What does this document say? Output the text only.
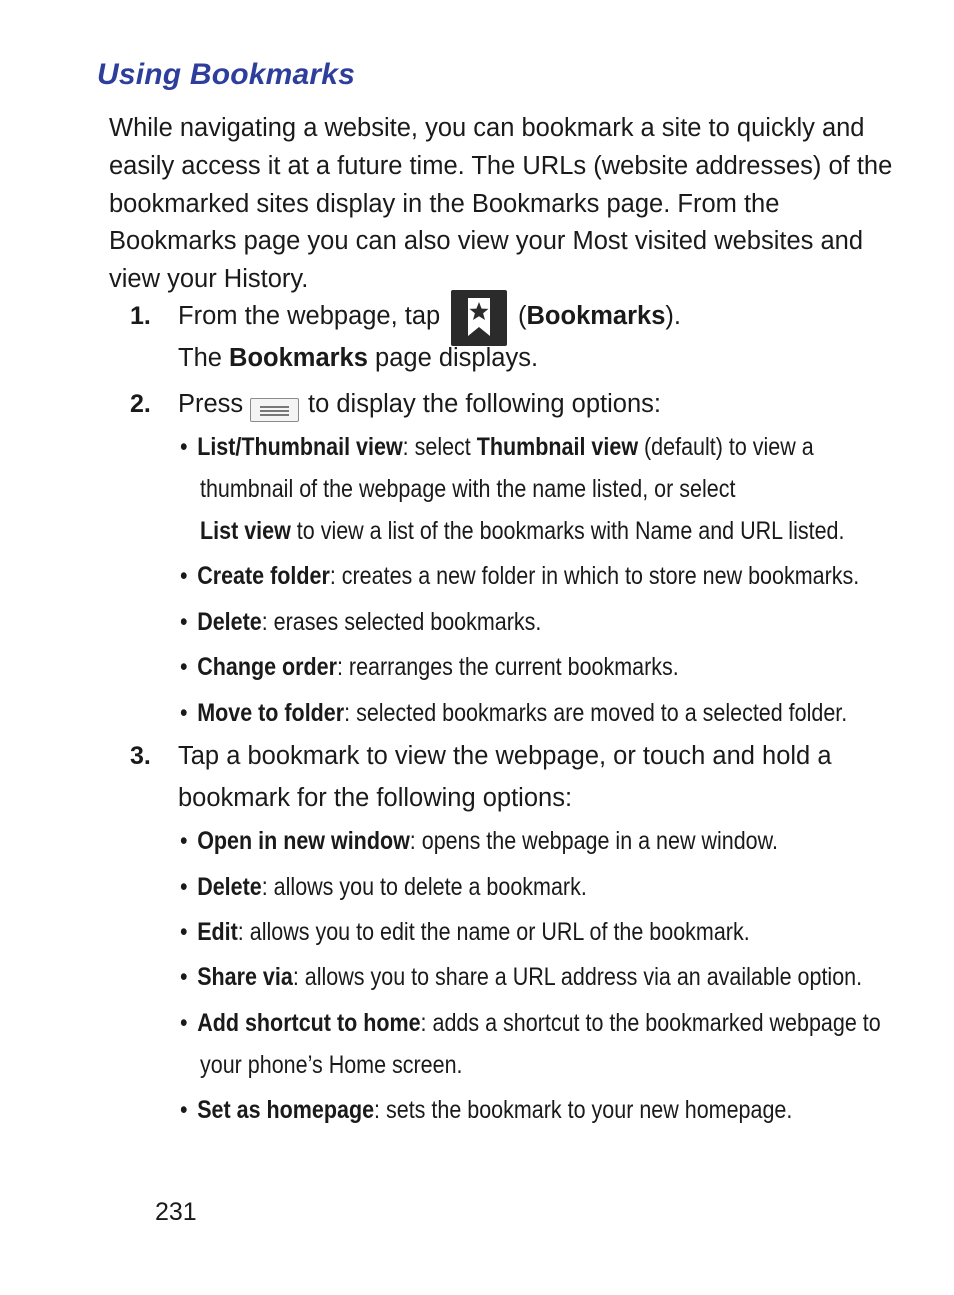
Using Bookmarks
While navigating a website, you can bookmark a site to quickly and
easily access it at a future time. The URLs (website addresses) of the
bookmarked sites display in the Bookmarks page. From the
Bookmarks page you can also view your Most visited websites and
view your History.
1. From the webpage, tap	(Bookmarks).
The Bookmarks page displays.
2. Press	to display the following options:
• List/Thumbnail view: select Thumbnail view (default) to view a
thumbnail of the webpage with the name listed, or select
List view to view a list of the bookmarks with Name and URL listed.
• Create folder: creates a new folder in which to store new bookmarks.
• Delete: erases selected bookmarks.
• Change order: rearranges the current bookmarks.
• Move to folder: selected bookmarks are moved to a selected folder.
3. Tap a bookmark to view the webpage, or touch and hold a
bookmark for the following options:
• Open in new window: opens the webpage in a new window.
• Delete: allows you to delete a bookmark.
• Edit: allows you to edit the name or URL of the bookmark.
• Share via: allows you to share a URL address via an available option.
• Add shortcut to home: adds a shortcut to the bookmarked webpage to
your phone’s Home screen.
• Set as homepage: sets the bookmark to your new homepage.
231
